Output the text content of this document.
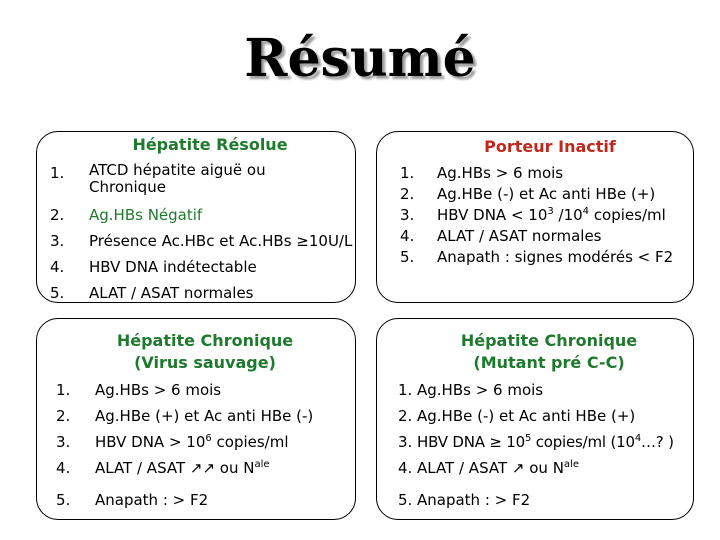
Résumé
Hépatite Résolue
1. ATCD hépatite aiguë ou
Chronique
2. Ag.HBs Négatif
3. Présence Ac.HBc et Ac.HBs ≥10U/L
4. HBV DNA indétectable
5. ALAT / ASAT normales
Porteur Inactif
1. Ag.HBs > 6 mois
2. Ag.HBe (-) et Ac anti HBe (+)
3. HBV DNA < $10^3$ $/10^4$ copies/ml
4. ALAT / ASAT normales
5. Anapath : signes modérés < F2
Hépatite Chronique
(Virus sauvage)
1. Ag.HBs > 6 mois
2. Ag.HBe (+) et Ac anti HBe (-)
3. HBV DNA > $10^6$ copies/ml
4. ALAT / ASAT ↗↗ ou $N^{ale}$
5. Anapath : > F2
Hépatite Chronique
(Mutant pré C-C)
1. Ag.HBs > 6 mois
2. Ag.HBe (-) et Ac anti HBe (+)
3. HBV DNA ≥ $10^5$ copies/ml ($10^4\dots$? )
4. ALAT / ASAT ↗ ou $N^{ale}$
5. Anapath : > F2
